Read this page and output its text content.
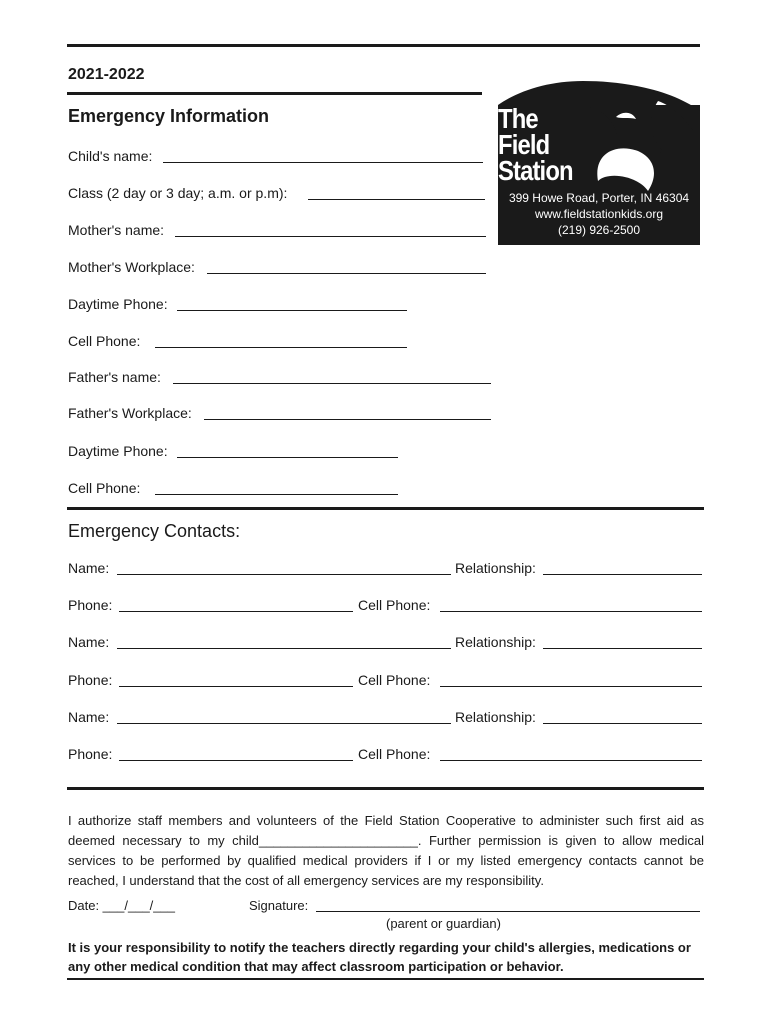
2021-2022
Emergency Information	The
Field
Station
399 Howe Road, Porter, IN 46304
www.fieldstationkids.org
(219) 926-2500
Child's name:
Class (2 day or 3 day; a.m. or p.m):
Mother's name:
Mother's Workplace:
Daytime Phone:
Cell Phone:
Father's name:
Father's Workplace:
Daytime Phone:
Cell Phone:
Emergency Contacts:
Name:	Relationship:
Phone:	Cell Phone:
Name:	Relationship:
Phone:	Cell Phone:
Name:	Relationship:
Phone:	Cell Phone:
I authorize staff members and volunteers of the Field Station Cooperative to administer such first aid as deemed necessary to my child______________________. Further permission is given to allow medical services to be performed by qualified medical providers if I or my listed emergency contacts cannot be reached, I understand that the cost of all emergency services are my responsibility.
Date: ___/___/___	Signature:
(parent or guardian)
It is your responsibility to notify the teachers directly regarding your child's allergies, medications or any other medical condition that may affect classroom participation or behavior.
